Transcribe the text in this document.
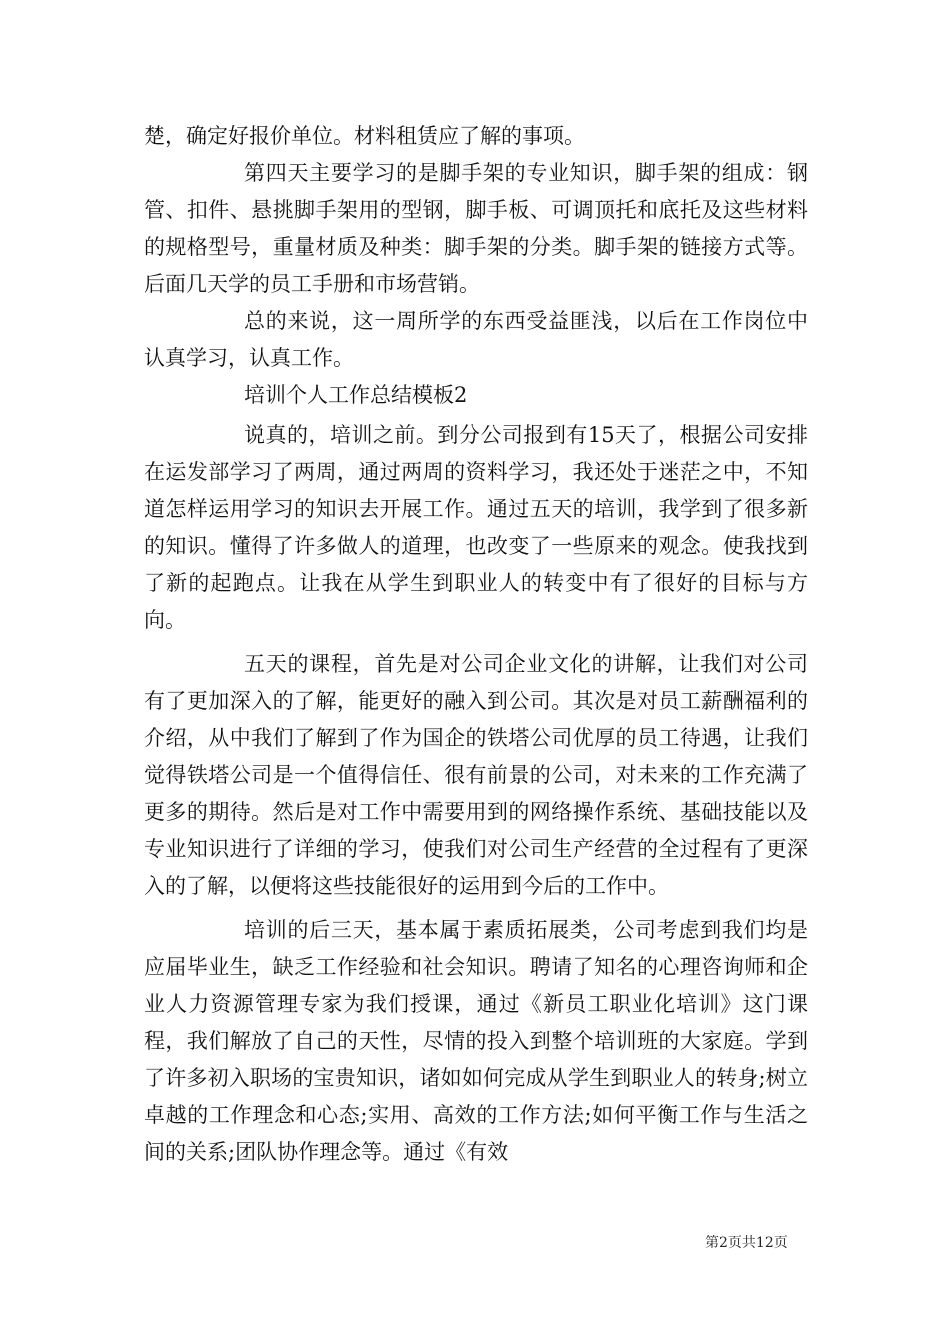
楚，确定好报价单位。材料租赁应了解的事项。

第四天主要学习的是脚手架的专业知识，脚手架的组成：钢管、扣件、悬挑脚手架用的型钢，脚手板、可调顶托和底托及这些材料的规格型号，重量材质及种类：脚手架的分类。脚手架的链接方式等。后面几天学的员工手册和市场营销。

总的来说，这一周所学的东西受益匪浅，以后在工作岗位中认真学习，认真工作。

培训个人工作总结模板2

说真的，培训之前。到分公司报到有15天了，根据公司安排在运发部学习了两周，通过两周的资料学习，我还处于迷茫之中，不知道怎样运用学习的知识去开展工作。通过五天的培训，我学到了很多新的知识。懂得了许多做人的道理，也改变了一些原来的观念。使我找到了新的起跑点。让我在从学生到职业人的转变中有了很好的目标与方向。

五天的课程，首先是对公司企业文化的讲解，让我们对公司有了更加深入的了解，能更好的融入到公司。其次是对员工薪酬福利的介绍，从中我们了解到了作为国企的铁塔公司优厚的员工待遇，让我们觉得铁塔公司是一个值得信任、很有前景的公司，对未来的工作充满了更多的期待。然后是对工作中需要用到的网络操作系统、基础技能以及专业知识进行了详细的学习，使我们对公司生产经营的全过程有了更深入的了解，以便将这些技能很好的运用到今后的工作中。

培训的后三天，基本属于素质拓展类，公司考虑到我们均是应届毕业生，缺乏工作经验和社会知识。聘请了知名的心理咨询师和企业人力资源管理专家为我们授课，通过《新员工职业化培训》这门课程，我们解放了自己的天性，尽情的投入到整个培训班的大家庭。学到了许多初入职场的宝贵知识，诸如如何完成从学生到职业人的转身;树立卓越的工作理念和心态;实用、高效的工作方法;如何平衡工作与生活之间的关系;团队协作理念等。通过《有效

第2页共12页
